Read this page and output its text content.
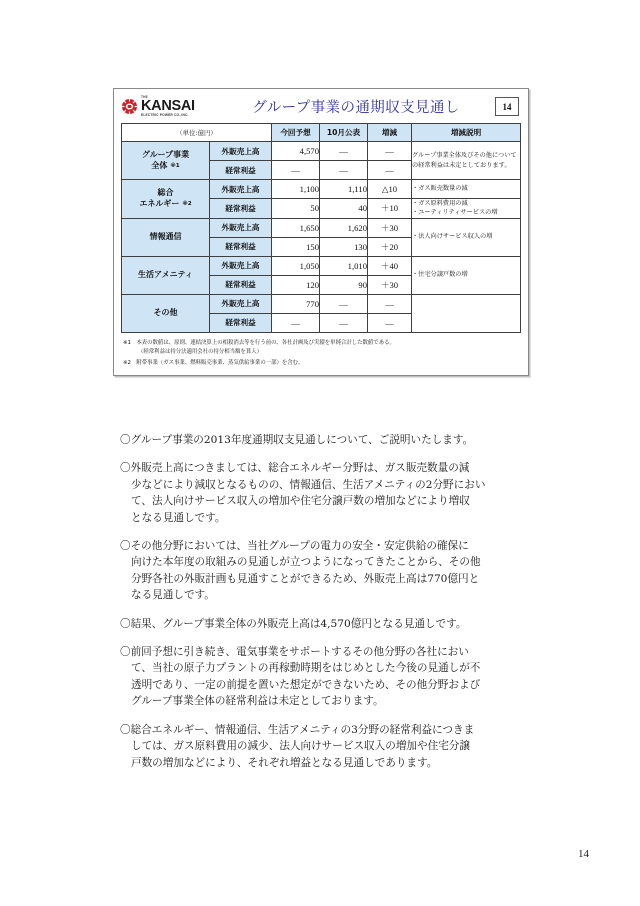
THE
KANSAI
ELECTRIC POWER CO.,INC.	グループ事業の通期収支見通し	14
（単位:億円）		今回予想	10月公表	増減	増減説明
グループ事業
全体 ※1	外販売上高	4,570	—	—	グループ事業全体及びその他についての経常利益は未定としております。
	経常利益	—	—	—	
総合
エネルギー ※2	外販売上高	1,100	1,110	△10	・ガス販売数量の減
	経常利益	50	40	＋10	・ガス原料費用の減
・ユーティリティサービスの増
情報通信	外販売上高	1,650	1,620	＋30	・法人向けサービス収入の増
	経常利益	150	130	＋20	
生活アメニティ	外販売上高	1,050	1,010	＋40	・住宅分譲戸数の増
	経常利益	120	90	＋30	
その他	外販売上高	770	—	—	
	経常利益	—	—	—	
※1　本表の数値は、原則、連結決算上の相殺消去等を行う前の、各社計画及び実績を単純合計した数値である。
（経常利益は持分法適用会社の持分相当額を算入）
※2　附帯事業（ガス事業、燃料販売事業、蒸気供給事業の一部）を含む。
〇グループ事業の2013年度通期収支見通しについて、ご説明いたします。
〇外販売上高につきましては、総合エネルギー分野は、ガス販売数量の減
少などにより減収となるものの、情報通信、生活アメニティの2分野におい
て、法人向けサービス収入の増加や住宅分譲戸数の増加などにより増収
となる見通しです。
〇その他分野においては、当社グループの電力の安全・安定供給の確保に
向けた本年度の取組みの見通しが立つようになってきたことから、その他
分野各社の外販計画も見通すことができるため、外販売上高は770億円と
なる見通しです。
〇結果、グループ事業全体の外販売上高は4,570億円となる見通しです。
〇前回予想に引き続き、電気事業をサポートするその他分野の各社におい
て、当社の原子力プラントの再稼動時期をはじめとした今後の見通しが不
透明であり、一定の前提を置いた想定ができないため、その他分野および
グループ事業全体の経常利益は未定としております。
〇総合エネルギー、情報通信、生活アメニティの3分野の経常利益につきま
しては、ガス原料費用の減少、法人向けサービス収入の増加や住宅分譲
戸数の増加などにより、それぞれ増益となる見通しであります。
14
